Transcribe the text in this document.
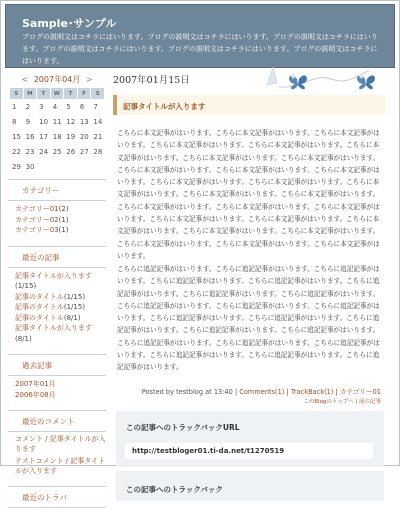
Sample･サンプル
ブログの説明文はコチラにはいります。ブログの説明文はコチラにはいります。ブログの説明文はコチラにはいります。ブログの説明文はコチラにはいります。ブログの説明文はコチラにはいります。ブログの説明文はコチラにはいります。
< 2007年04月 >
S	M	T	W	T	F	S
1	2	3	4	5	6	7
8	9	10	11	12	13	14
15	16	17	18	19	20	21
22	23	24	25	26	27	28
29	30					
カテゴリー
カテゴリー01(2)
カテゴリー02(1)
カテゴリー03(1)
最近の記事
記事タイトルが入ります(1/15)
記事のタイトル(1/15)
記事のタイトル(1/15)
記事のタイトル(8/1)
記事タイトルが入ります(8/1)
過去記事
2007年01月
2006年08月
最近のコメント
コメント / 記事タイトルが入ります
テストコメント / 記事タイトルが入ります
最近のトラバ
2007年01月15日
記事タイトルが入ります
こちらに本文記事がはいります。こちらに本文記事がはいります。こちらに本文記事がはいります。こちらに本文記事がはいります。こちらに本文記事がはいります。こちらに本文記事がはいります。こちらに本文記事がはいります。こちらに本文記事がはいります。こちらに本文記事がはいります。こちらに本文記事がはいります。こちらに本文記事がはいります。こちらに本文記事がはいります。こちらに本文記事がはいります。こちらに本文記事がはいります。こちらに本文記事がはいります。こちらに本文記事がはいります。こちらに本文記事がはいります。こちらに本文記事がはいります。こちらに本文記事がはいります。こちらに本文記事がはいります。こちらに本文記事がはいります。こちらに本文記事がはいります。こちらに本文記事がはいります。こちらに本文記事がはいります。こちらに本文記事がはいります。こちらに本文記事がはいります。こちらに本文記事がはいります。
こちらに追記記事がはいります。こちらに追記記事がはいります。こちらに追記記事がはいります。こちらに追記記事がはいります。こちらに追記記事がはいります。こちらに追記記事がはいります。こちらに追記記事がはいります。こちらに追記記事がはいります。こちらに追記記事がはいります。こちらに追記記事がはいります。こちらに追記記事がはいります。こちらに追記記事がはいります。こちらに追記記事がはいります。こちらに追記記事がはいります。こちらに追記記事がはいります。こちらに追記記事がはいります。こちらに追記記事がはいります。こちらに追記記事がはいります。こちらに追記記事がはいります。こちらに追記記事がはいります。こちらに追記記事がはいります。こちらに追記記事がはいります。
Posted by testblog at 13:40 | Comments(1) | TrackBack(1) | カテゴリー01
このBlogのトップへ | 前の記事
この記事へのトラックバックURL
http://testbloger01.ti-da.net/t1270519
この記事へのトラックバック
